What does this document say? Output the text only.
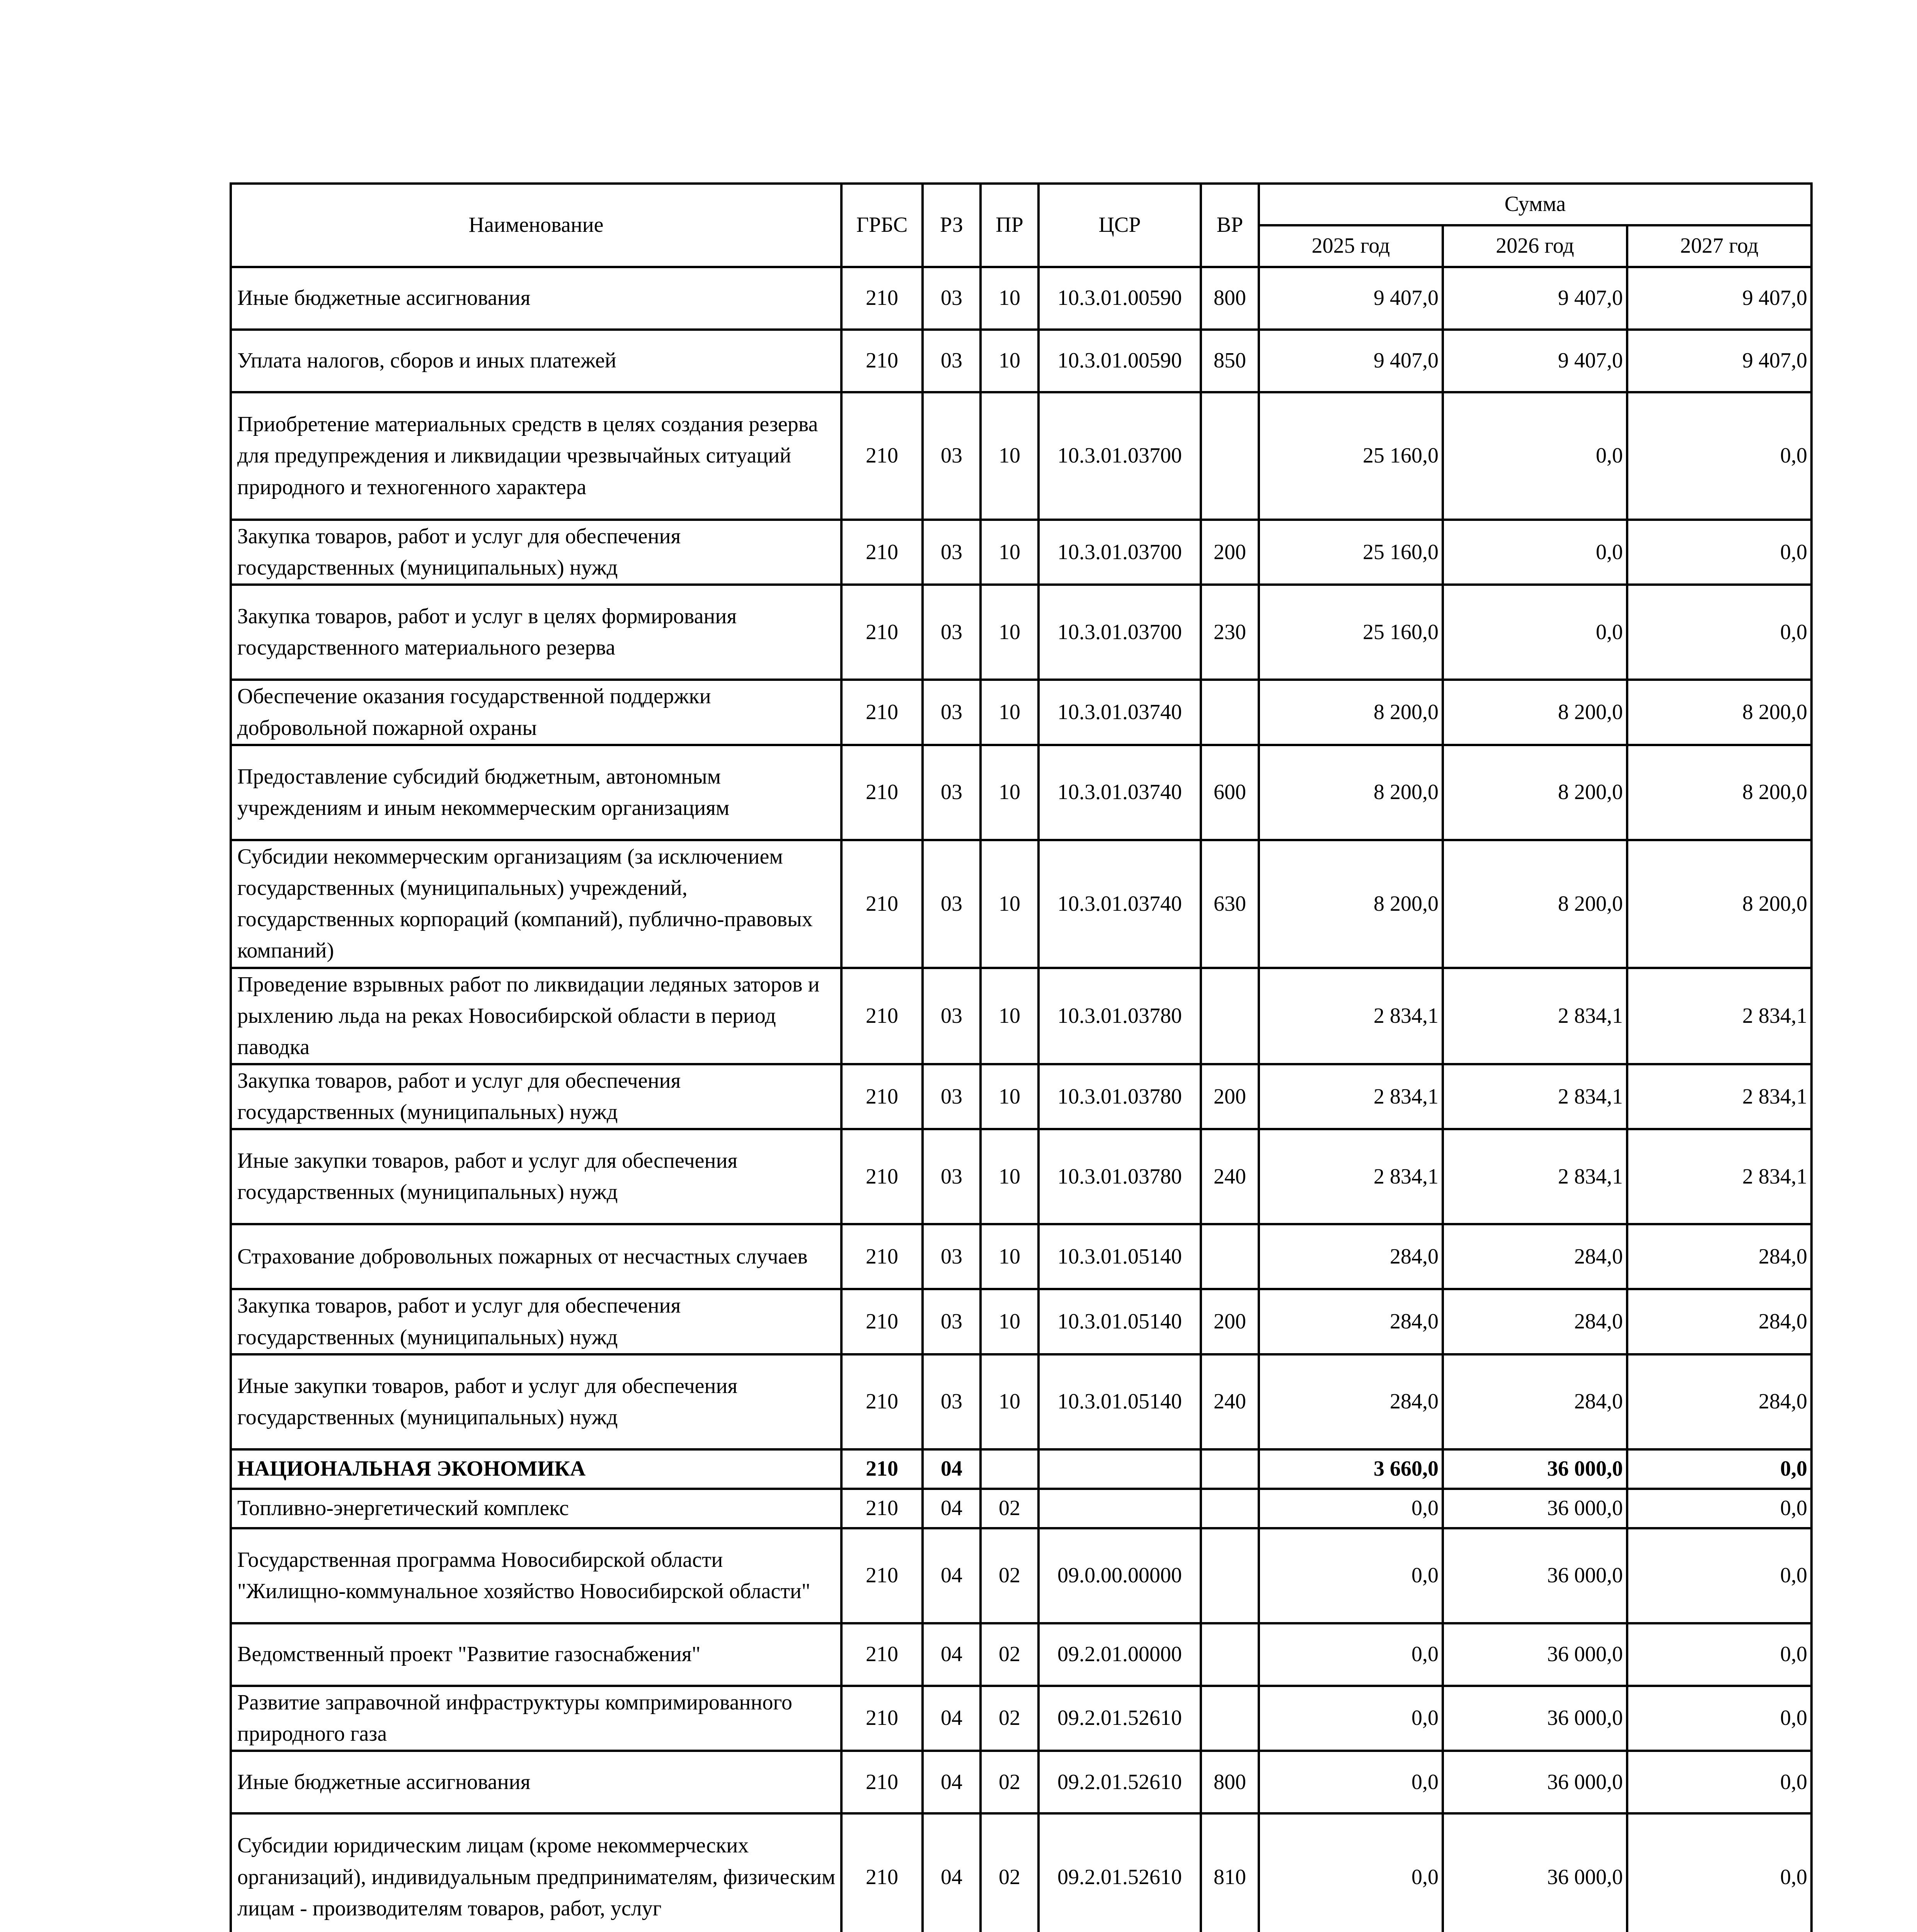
Наименование	ГРБС	РЗ	ПР	ЦСР	ВР	Сумма		
						2025 год	2026 год	2027 год
Иные бюджетные ассигнования	210	03	10	10.3.01.00590	800	9 407,0	9 407,0	9 407,0
Уплата налогов, сборов и иных платежей	210	03	10	10.3.01.00590	850	9 407,0	9 407,0	9 407,0
Приобретение материальных средств в целях создания резерва для предупреждения и ликвидации чрезвычайных ситуаций природного и техногенного характера	210	03	10	10.3.01.03700		25 160,0	0,0	0,0
Закупка товаров, работ и услуг для обеспечения государственных (муниципальных) нужд	210	03	10	10.3.01.03700	200	25 160,0	0,0	0,0
Закупка товаров, работ и услуг в целях формирования государственного материального резерва	210	03	10	10.3.01.03700	230	25 160,0	0,0	0,0
Обеспечение оказания государственной поддержки добровольной пожарной охраны	210	03	10	10.3.01.03740		8 200,0	8 200,0	8 200,0
Предоставление субсидий бюджетным, автономным учреждениям и иным некоммерческим организациям	210	03	10	10.3.01.03740	600	8 200,0	8 200,0	8 200,0
Субсидии некоммерческим организациям (за исключением государственных (муниципальных) учреждений, государственных корпораций (компаний), публично-правовых компаний)	210	03	10	10.3.01.03740	630	8 200,0	8 200,0	8 200,0
Проведение взрывных работ по ликвидации ледяных заторов и рыхлению льда на реках Новосибирской области в период паводка	210	03	10	10.3.01.03780		2 834,1	2 834,1	2 834,1
Закупка товаров, работ и услуг для обеспечения государственных (муниципальных) нужд	210	03	10	10.3.01.03780	200	2 834,1	2 834,1	2 834,1
Иные закупки товаров, работ и услуг для обеспечения государственных (муниципальных) нужд	210	03	10	10.3.01.03780	240	2 834,1	2 834,1	2 834,1
Страхование добровольных пожарных от несчастных случаев	210	03	10	10.3.01.05140		284,0	284,0	284,0
Закупка товаров, работ и услуг для обеспечения государственных (муниципальных) нужд	210	03	10	10.3.01.05140	200	284,0	284,0	284,0
Иные закупки товаров, работ и услуг для обеспечения государственных (муниципальных) нужд	210	03	10	10.3.01.05140	240	284,0	284,0	284,0
НАЦИОНАЛЬНАЯ ЭКОНОМИКА	210	04				3 660,0	36 000,0	0,0
Топливно-энергетический комплекс	210	04	02			0,0	36 000,0	0,0
Государственная программа Новосибирской области "Жилищно-коммунальное хозяйство Новосибирской области"	210	04	02	09.0.00.00000		0,0	36 000,0	0,0
Ведомственный проект "Развитие газоснабжения"	210	04	02	09.2.01.00000		0,0	36 000,0	0,0
Развитие заправочной инфраструктуры компримированного природного газа	210	04	02	09.2.01.52610		0,0	36 000,0	0,0
Иные бюджетные ассигнования	210	04	02	09.2.01.52610	800	0,0	36 000,0	0,0
Субсидии юридическим лицам (кроме некоммерческих организаций), индивидуальным предпринимателям, физическим лицам - производителям товаров, работ, услуг	210	04	02	09.2.01.52610	810	0,0	36 000,0	0,0
